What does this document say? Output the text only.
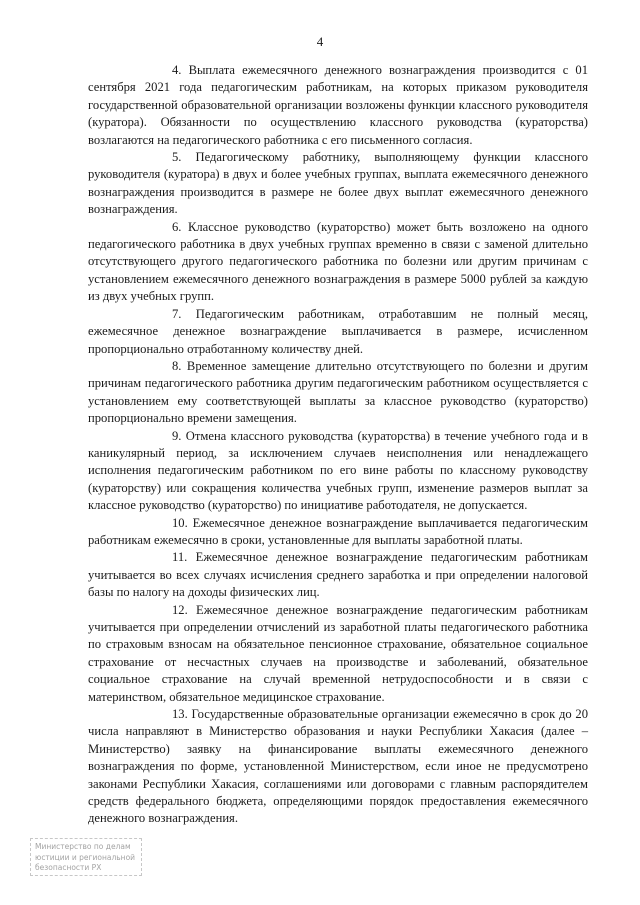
4

4. Выплата ежемесячного денежного вознаграждения производится с 01 сентября 2021 года педагогическим работникам, на которых приказом руководителя государственной образовательной организации возложены функции классного руководителя (куратора). Обязанности по осуществлению классного руководства (кураторства) возлагаются на педагогического работника с его письменного согласия.

5. Педагогическому работнику, выполняющему функции классного руководителя (куратора) в двух и более учебных группах, выплата ежемесячного денежного вознаграждения производится в размере не более двух выплат ежемесячного денежного вознаграждения.

6. Классное руководство (кураторство) может быть возложено на одного педагогического работника в двух учебных группах временно в связи с заменой длительно отсутствующего другого педагогического работника по болезни или другим причинам с установлением ежемесячного денежного вознаграждения в размере 5000 рублей за каждую из двух учебных групп.

7. Педагогическим работникам, отработавшим не полный месяц, ежемесячное денежное вознаграждение выплачивается в размере, исчисленном пропорционально отработанному количеству дней.

8. Временное замещение длительно отсутствующего по болезни и другим причинам педагогического работника другим педагогическим работником осуществляется с установлением ему соответствующей выплаты за классное руководство (кураторство) пропорционально времени замещения.

9. Отмена классного руководства (кураторства) в течение учебного года и в каникулярный период, за исключением случаев неисполнения или ненадлежащего исполнения педагогическим работником по его вине работы по классному руководству (кураторству) или сокращения количества учебных групп, изменение размеров выплат за классное руководство (кураторство) по инициативе работодателя, не допускается.

10. Ежемесячное денежное вознаграждение выплачивается педагогическим работникам ежемесячно в сроки, установленные для выплаты заработной платы.

11. Ежемесячное денежное вознаграждение педагогическим работникам учитывается во всех случаях исчисления среднего заработка и при определении налоговой базы по налогу на доходы физических лиц.

12. Ежемесячное денежное вознаграждение педагогическим работникам учитывается при определении отчислений из заработной платы педагогического работника по страховым взносам на обязательное пенсионное страхование, обязательное социальное страхование от несчастных случаев на производстве и заболеваний, обязательное социальное страхование на случай временной нетрудоспособности и в связи с материнством, обязательное медицинское страхование.

13. Государственные образовательные организации ежемесячно в срок до 20 числа направляют в Министерство образования и науки Республики Хакасия (далее – Министерство) заявку на финансирование выплаты ежемесячного денежного вознаграждения по форме, установленной Министерством, если иное не предусмотрено законами Республики Хакасия, соглашениями или договорами с главным распорядителем средств федерального бюджета, определяющими порядок предоставления ежемесячного денежного вознаграждения.

Министерство по делам
юстиции и региональной
безопасности РХ
